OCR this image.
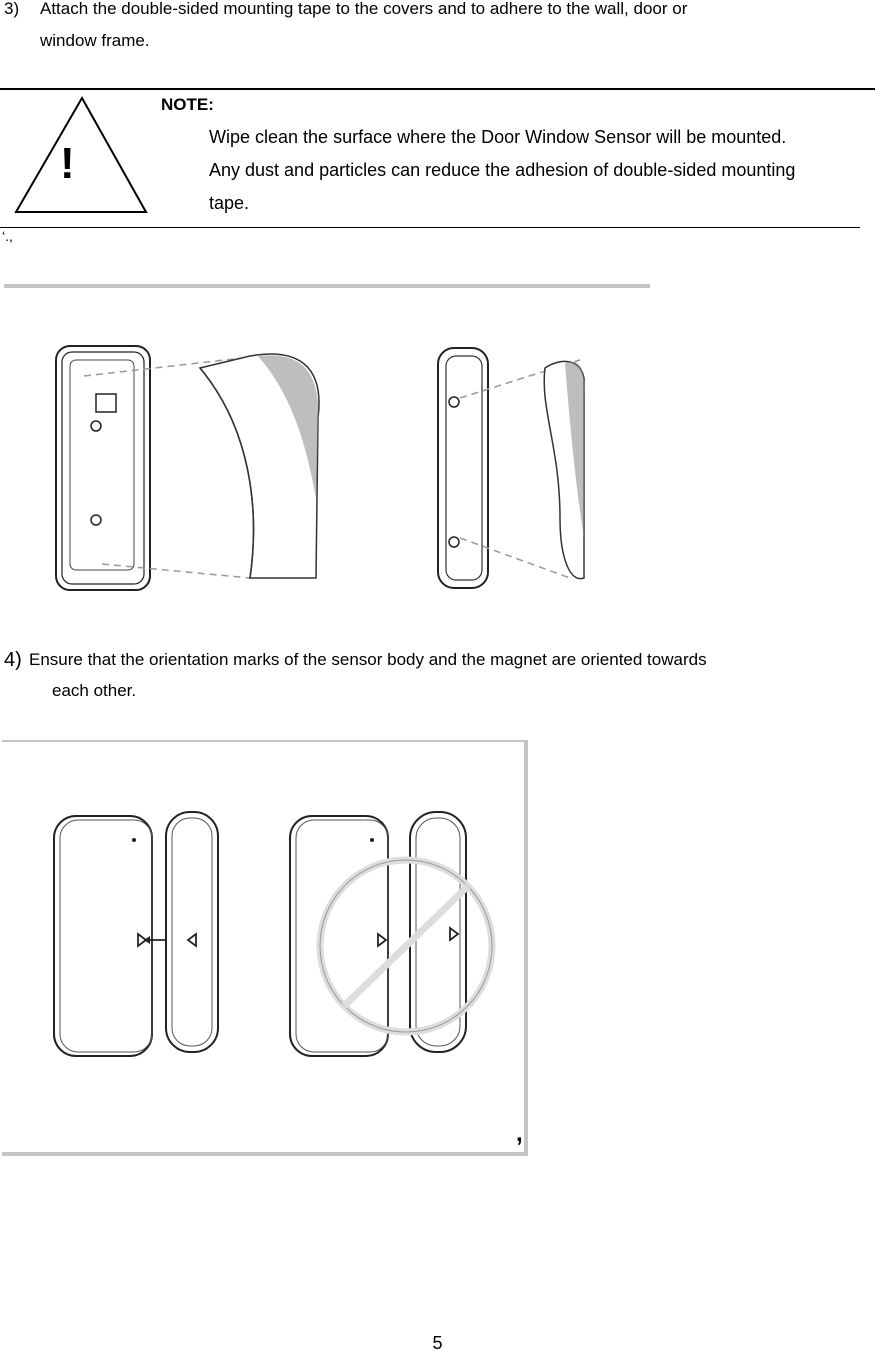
3) Attach the double-sided mounting tape to the covers and to adhere to the wall, door or
window frame.
!
NOTE:
Wipe clean the surface where the Door Window Sensor will be mounted.
Any dust and particles can reduce the adhesion of double-sided mounting
tape.
‘.,
4) Ensure that the orientation marks of the sensor body and the magnet are oriented towards
each other.
,
5
